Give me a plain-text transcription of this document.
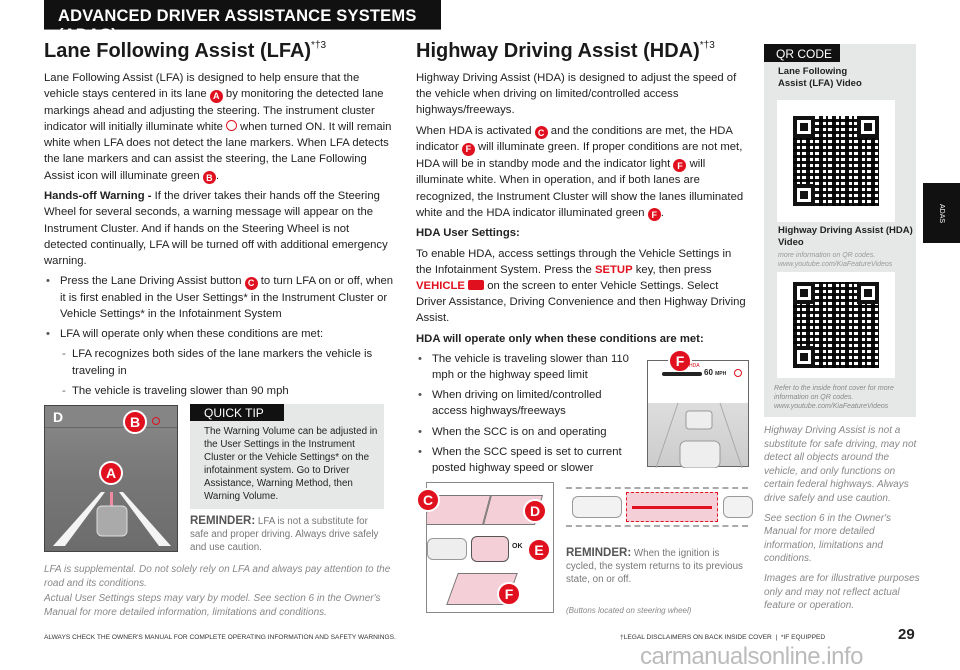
ADVANCED DRIVER ASSISTANCE SYSTEMS (ADAS)
ADAS
Lane Following Assist (LFA)$^{*\dagger 3}$

Lane Following Assist (LFA) is designed to help ensure that the vehicle stays centered in its lane A by monitoring the detected lane markings ahead and adjusting the steering. The instrument cluster indicator will initially illuminate white when turned ON. It will remain white when LFA does not detect the lane markers. When LFA detects the lane markers and can assist the steering, the Lane Following Assist icon will illuminate green B .

Hands-off Warning - If the driver takes their hands off the Steering Wheel for several seconds, a warning message will appear on the Instrument Cluster. And if hands on the Steering Wheel is not detected continually, LFA will be turned off with additional emergency warning.

• Press the Lane Driving Assist button C to turn LFA on or off, when it is first enabled in the User Settings* in the Instrument Cluster or Vehicle Settings* in the Infotainment System
• LFA will operate only when these conditions are met:
- LFA recognizes both sides of the lane markers the vehicle is traveling in
- The vehicle is traveling slower than 90 mph
D	B
A
QUICK TIP
The Warning Volume can be adjusted in the User Settings in the Instrument Cluster or the Vehicle Settings* on the infotainment system. Go to Driver Assistance, Warning Method, then Warning Volume.
REMINDER: LFA is not a substitute for safe and proper driving. Always drive safely and use caution.
LFA is supplemental. Do not solely rely on LFA and always pay attention to the road and its conditions.
Actual User Settings steps may vary by model. See section 6 in the Owner's Manual for more detailed information, limitations and conditions.
Highway Driving Assist (HDA)$^{*\dagger 3}$

Highway Driving Assist (HDA) is designed to adjust the speed of the vehicle when driving on limited/controlled access highways/freeways.

When HDA is activated C and the conditions are met, the HDA indicator F will illuminate green. If proper conditions are not met, HDA will be in standby mode and the indicator light F will illuminate white. When in operation, and if both lanes are recognized, the Instrument Cluster will show the lanes illuminated white and the HDA indicator illuminated green F .

HDA User Settings:

To enable HDA, access settings through the Vehicle Settings in the Infotainment System. Press the SETUP key, then press VEHICLE  on the screen to enter Vehicle Settings. Select Driver Assistance, Driving Convenience and then Highway Driving Assist.

HDA will operate only when these conditions are met:

• The vehicle is traveling slower than 110 mph or the highway speed limit
• When driving on limited/controlled access highways/freeways
• When the SCC is on and operating
• When the SCC speed is set to current posted highway speed or slower
F HDA
60 MPH
OK
D
E
F
C
REMINDER: When the ignition is cycled, the system returns to its previous state, on or off.
(Buttons located on steering wheel)
QR CODE
Lane Following Assist (LFA) Video
Highway Driving Assist (HDA) Video
more information on QR codes. www.youtube.com/KiaFeatureVideos
Refer to the inside front cover for more information on QR codes.
www.youtube.com/KiaFeatureVideos

Highway Driving Assist is not a substitute for safe driving, may not detect all objects around the vehicle, and only functions on certain federal highways. Always drive safely and use caution.

See section 6 in the Owner's Manual for more detailed information, limitations and conditions.

Images are for illustrative purposes only and may not reflect actual feature or operation.

ALWAYS CHECK THE OWNER'S MANUAL FOR COMPLETE OPERATING INFORMATION AND SAFETY WARNINGS.	†LEGAL DISCLAIMERS ON BACK INSIDE COVER  |  *IF EQUIPPED	29
carmanualsonline.info
